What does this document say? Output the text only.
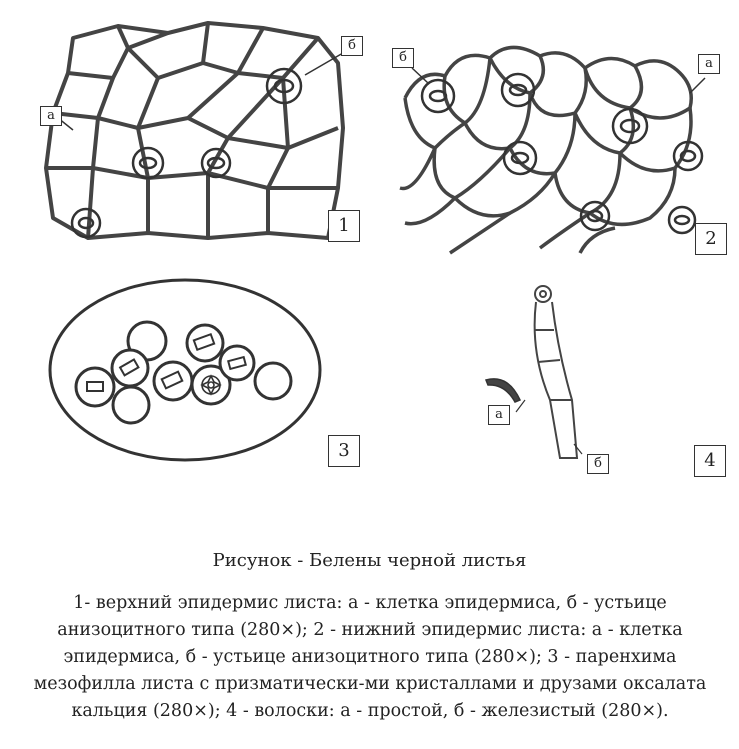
а
б
1
б	а
2
3
а
б	4
Рисунок - Белены черной листья
1- верхний эпидермис листа: а - клетка эпидермиса, б - устьице анизоцитного типа (280×); 2 - нижний эпидермис листа: а - клетка эпидермиса, б - устьице анизоцитного типа (280×); 3 - паренхима мезофилла листа с призматически-ми кристаллами и друзами оксалата кальция (280×); 4 - волоски: а - простой, б - железистый (280×).
